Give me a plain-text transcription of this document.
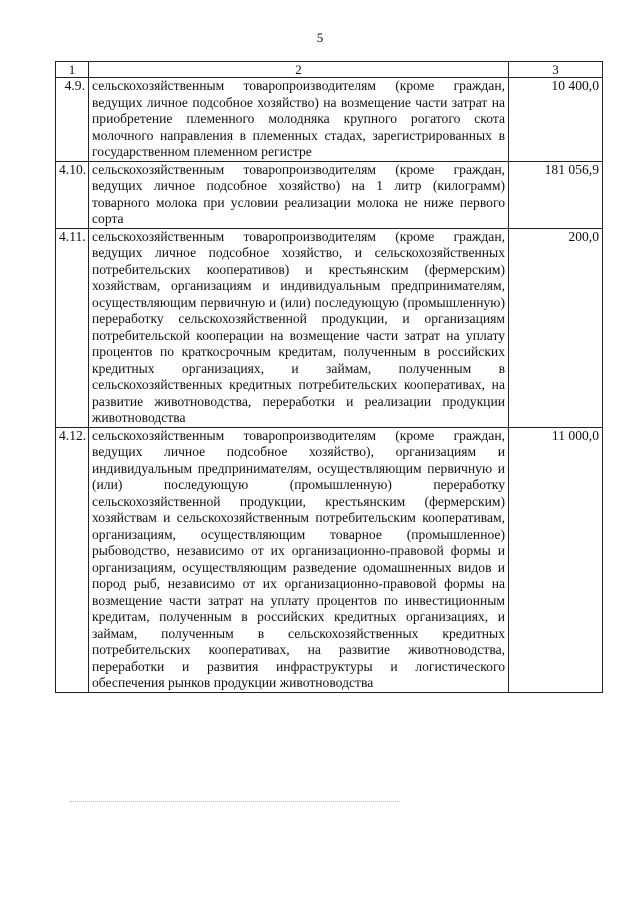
5
1	2	3
4.9.	сельскохозяйственным товаропроизводителям (кроме граждан, ведущих личное подсобное хозяйство) на возмещение части затрат на приобретение племенного молодняка крупного рогатого скота молочного направления в племенных стадах, зарегистрированных в государственном племенном регистре	10 400,0
4.10.	сельскохозяйственным товаропроизводителям (кроме граждан, ведущих личное подсобное хозяйство) на 1 литр (килограмм) товарного молока при условии реализации молока не ниже первого сорта	181 056,9
4.11.	сельскохозяйственным товаропроизводителям (кроме граждан, ведущих личное подсобное хозяйство, и сельскохозяйственных потребительских кооперативов) и крестьянским (фермерским) хозяйствам, организациям и индивидуальным предпринимателям, осуществляющим первичную и (или) последующую (промышленную) переработку сельскохозяйственной продукции, и организациям потребительской кооперации на возмещение части затрат на уплату процентов по краткосрочным кредитам, полученным в российских кредитных организациях, и займам, полученным в сельскохозяйственных кредитных потребительских кооперативах, на развитие животноводства, переработки и реализации продукции животноводства	200,0
4.12.	сельскохозяйственным товаропроизводителям (кроме граждан, ведущих личное подсобное хозяйство), организациям и индивидуальным предпринимателям, осуществляющим первичную и (или) последующую (промышленную) переработку сельскохозяйственной продукции, крестьянским (фермерским) хозяйствам и сельскохозяйственным потребительским кооперативам, организациям, осуществляющим товарное (промышленное) рыбоводство, независимо от их организационно-правовой формы и организациям, осуществляющим разведение одомашненных видов и пород рыб, независимо от их организационно-правовой формы на возмещение части затрат на уплату процентов по инвестиционным кредитам, полученным в российских кредитных организациях, и займам, полученным в сельскохозяйственных кредитных потребительских кооперативах, на развитие животноводства, переработки и развития инфраструктуры и логистического обеспечения рынков продукции животноводства	11 000,0
